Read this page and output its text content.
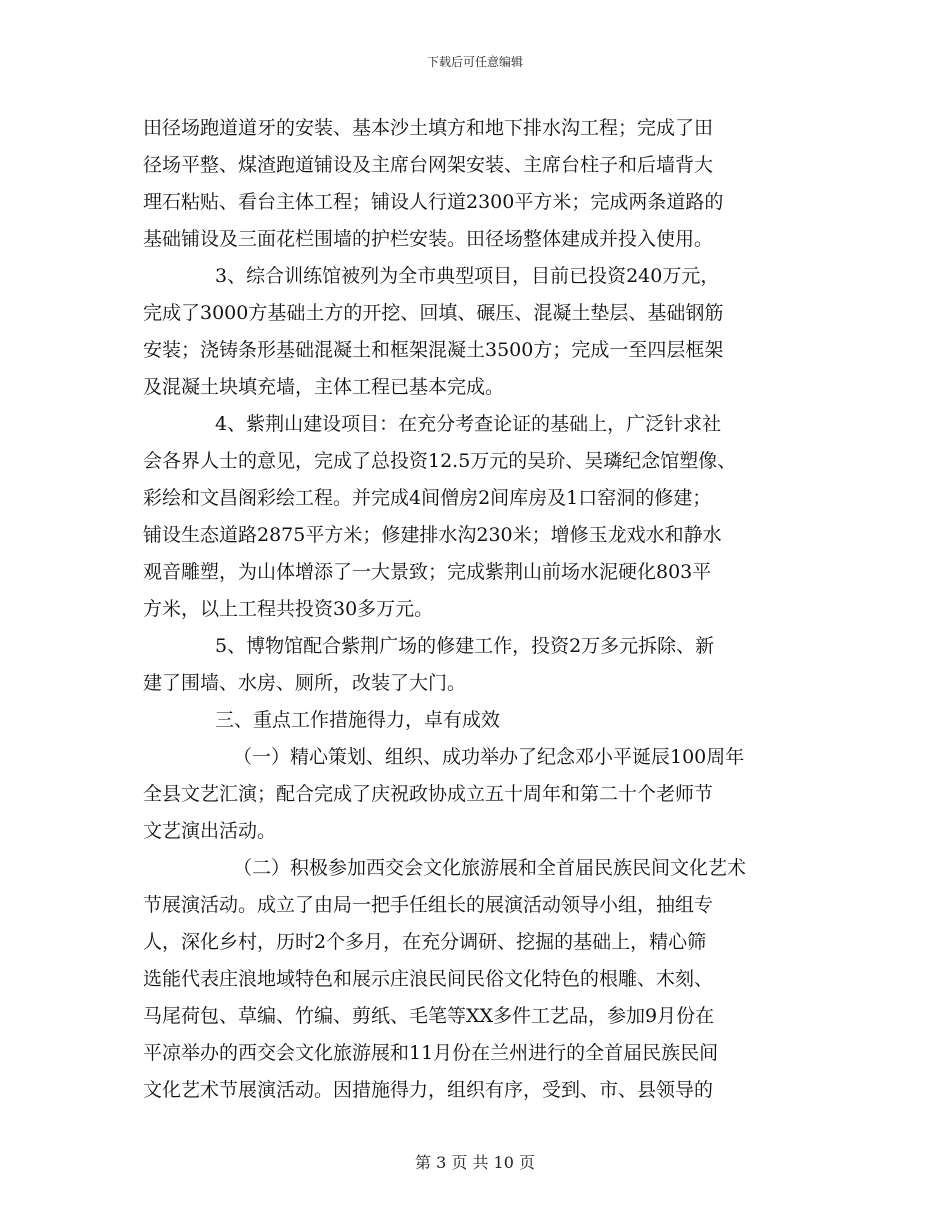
下载后可任意编辑
田径场跑道道牙的安装、基本沙土填方和地下排水沟工程；完成了田
径场平整、煤渣跑道铺设及主席台网架安装、主席台柱子和后墙背大
理石粘贴、看台主体工程；铺设人行道2300平方米；完成两条道路的
基础铺设及三面花栏围墙的护栏安装。田径场整体建成并投入使用。
3、综合训练馆被列为全市典型项目，目前已投资240万元，
完成了3000方基础土方的开挖、回填、碾压、混凝土垫层、基础钢筋
安装；浇铸条形基础混凝土和框架混凝土3500方；完成一至四层框架
及混凝土块填充墙，主体工程已基本完成。
4、紫荆山建设项目：在充分考查论证的基础上，广泛针求社
会各界人士的意见，完成了总投资12.5万元的吴玠、吴璘纪念馆塑像、
彩绘和文昌阁彩绘工程。并完成4间僧房2间库房及1口窑洞的修建；
铺设生态道路2875平方米；修建排水沟230米；增修玉龙戏水和静水
观音雕塑，为山体增添了一大景致；完成紫荆山前场水泥硬化803平
方米，以上工程共投资30多万元。
5、博物馆配合紫荆广场的修建工作，投资2万多元拆除、新
建了围墙、水房、厕所，改装了大门。
三、重点工作措施得力，卓有成效
（一）精心策划、组织、成功举办了纪念邓小平诞辰100周年
全县文艺汇演；配合完成了庆祝政协成立五十周年和第二十个老师节
文艺演出活动。
（二）积极参加西交会文化旅游展和全首届民族民间文化艺术
节展演活动。成立了由局一把手任组长的展演活动领导小组，抽组专
人，深化乡村，历时2个多月，在充分调研、挖掘的基础上，精心筛
选能代表庄浪地域特色和展示庄浪民间民俗文化特色的根雕、木刻、
马尾荷包、草编、竹编、剪纸、毛笔等XX多件工艺品，参加9月份在
平凉举办的西交会文化旅游展和11月份在兰州进行的全首届民族民间
文化艺术节展演活动。因措施得力，组织有序，受到、市、县领导的
第 3 页 共 10 页
